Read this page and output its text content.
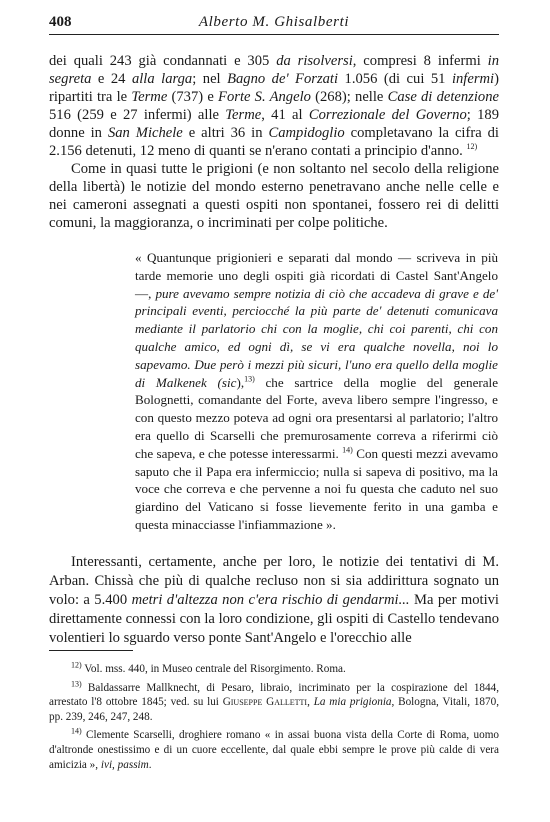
408	Alberto M. Ghisalberti

dei quali 243 già condannati e 305 da risolversi, compresi 8 infermi in segreta e 24 alla larga; nel Bagno de' Forzati 1.056 (di cui 51 infermi) ripartiti tra le Terme (737) e Forte S. Angelo (268); nelle Case di detenzione 516 (259 e 27 infermi) alle Terme, 41 al Correzionale del Governo; 189 donne in San Michele e altri 36 in Campidoglio completavano la cifra di 2.156 detenuti, 12 meno di quanti se n'erano contati a principio d'anno. $^{12)}$

Come in quasi tutte le prigioni (e non soltanto nel secolo della religione della libertà) le notizie del mondo esterno penetravano anche nelle celle e nei cameroni assegnati a questi ospiti non spontanei, fossero rei di delitti comuni, la maggioranza, o incriminati per colpe politiche.

« Quantunque prigionieri e separati dal mondo — scriveva in più tarde memorie uno degli ospiti già ricordati di Castel Sant'Angelo —, pure avevamo sempre notizia di ciò che accadeva di grave e de' principali eventi, perciocché la più parte de' detenuti comunicava mediante il parlatorio chi con la moglie, chi coi parenti, chi con qualche amico, ed ogni dì, se vi era qualche novella, noi lo sapevamo. Due però i mezzi più sicuri, l'uno era quello della moglie di Malkenek (sic),$^{13)}$ che sartrice della moglie del generale Bolognetti, comandante del Forte, aveva libero sempre l'ingresso, e con questo mezzo poteva ad ogni ora presentarsi al parlatorio; l'altro era quello di Scarselli che premurosamente correva a riferirmi ciò che sapeva, e che potesse interessarmi. $^{14)}$ Con questi mezzi avevamo saputo che il Papa era infermiccio; nulla si sapeva di positivo, ma la voce che correva e che pervenne a noi fu questa che caduto nel suo giardino del Vaticano si fosse lievemente ferito in una gamba e questa minacciasse l'infiammazione ».

Interessanti, certamente, anche per loro, le notizie dei tentativi di M. Arban. Chissà che più di qualche recluso non si sia addirittura sognato un volo: a 5.400 metri d'altezza non c'era rischio di gendarmi... Ma per motivi direttamente connessi con la loro condizione, gli ospiti di Castello tendevano volentieri lo sguardo verso ponte Sant'Angelo e l'orecchio alle

$^{12)}$ Vol. mss. 440, in Museo centrale del Risorgimento. Roma.

$^{13)}$ Baldassarre Mallknecht, di Pesaro, libraio, incriminato per la cospirazione del 1844, arrestato l'8 ottobre 1845; ved. su lui Giuseppe Galletti, La mia prigionia, Bologna, Vitali, 1870, pp. 239, 246, 247, 248.

$^{14)}$ Clemente Scarselli, droghiere romano « in assai buona vista della Corte di Roma, uomo d'altronde onestissimo e di un cuore eccellente, dal quale ebbi sempre le prove più calde di vera amicizia », ivi, passim.
